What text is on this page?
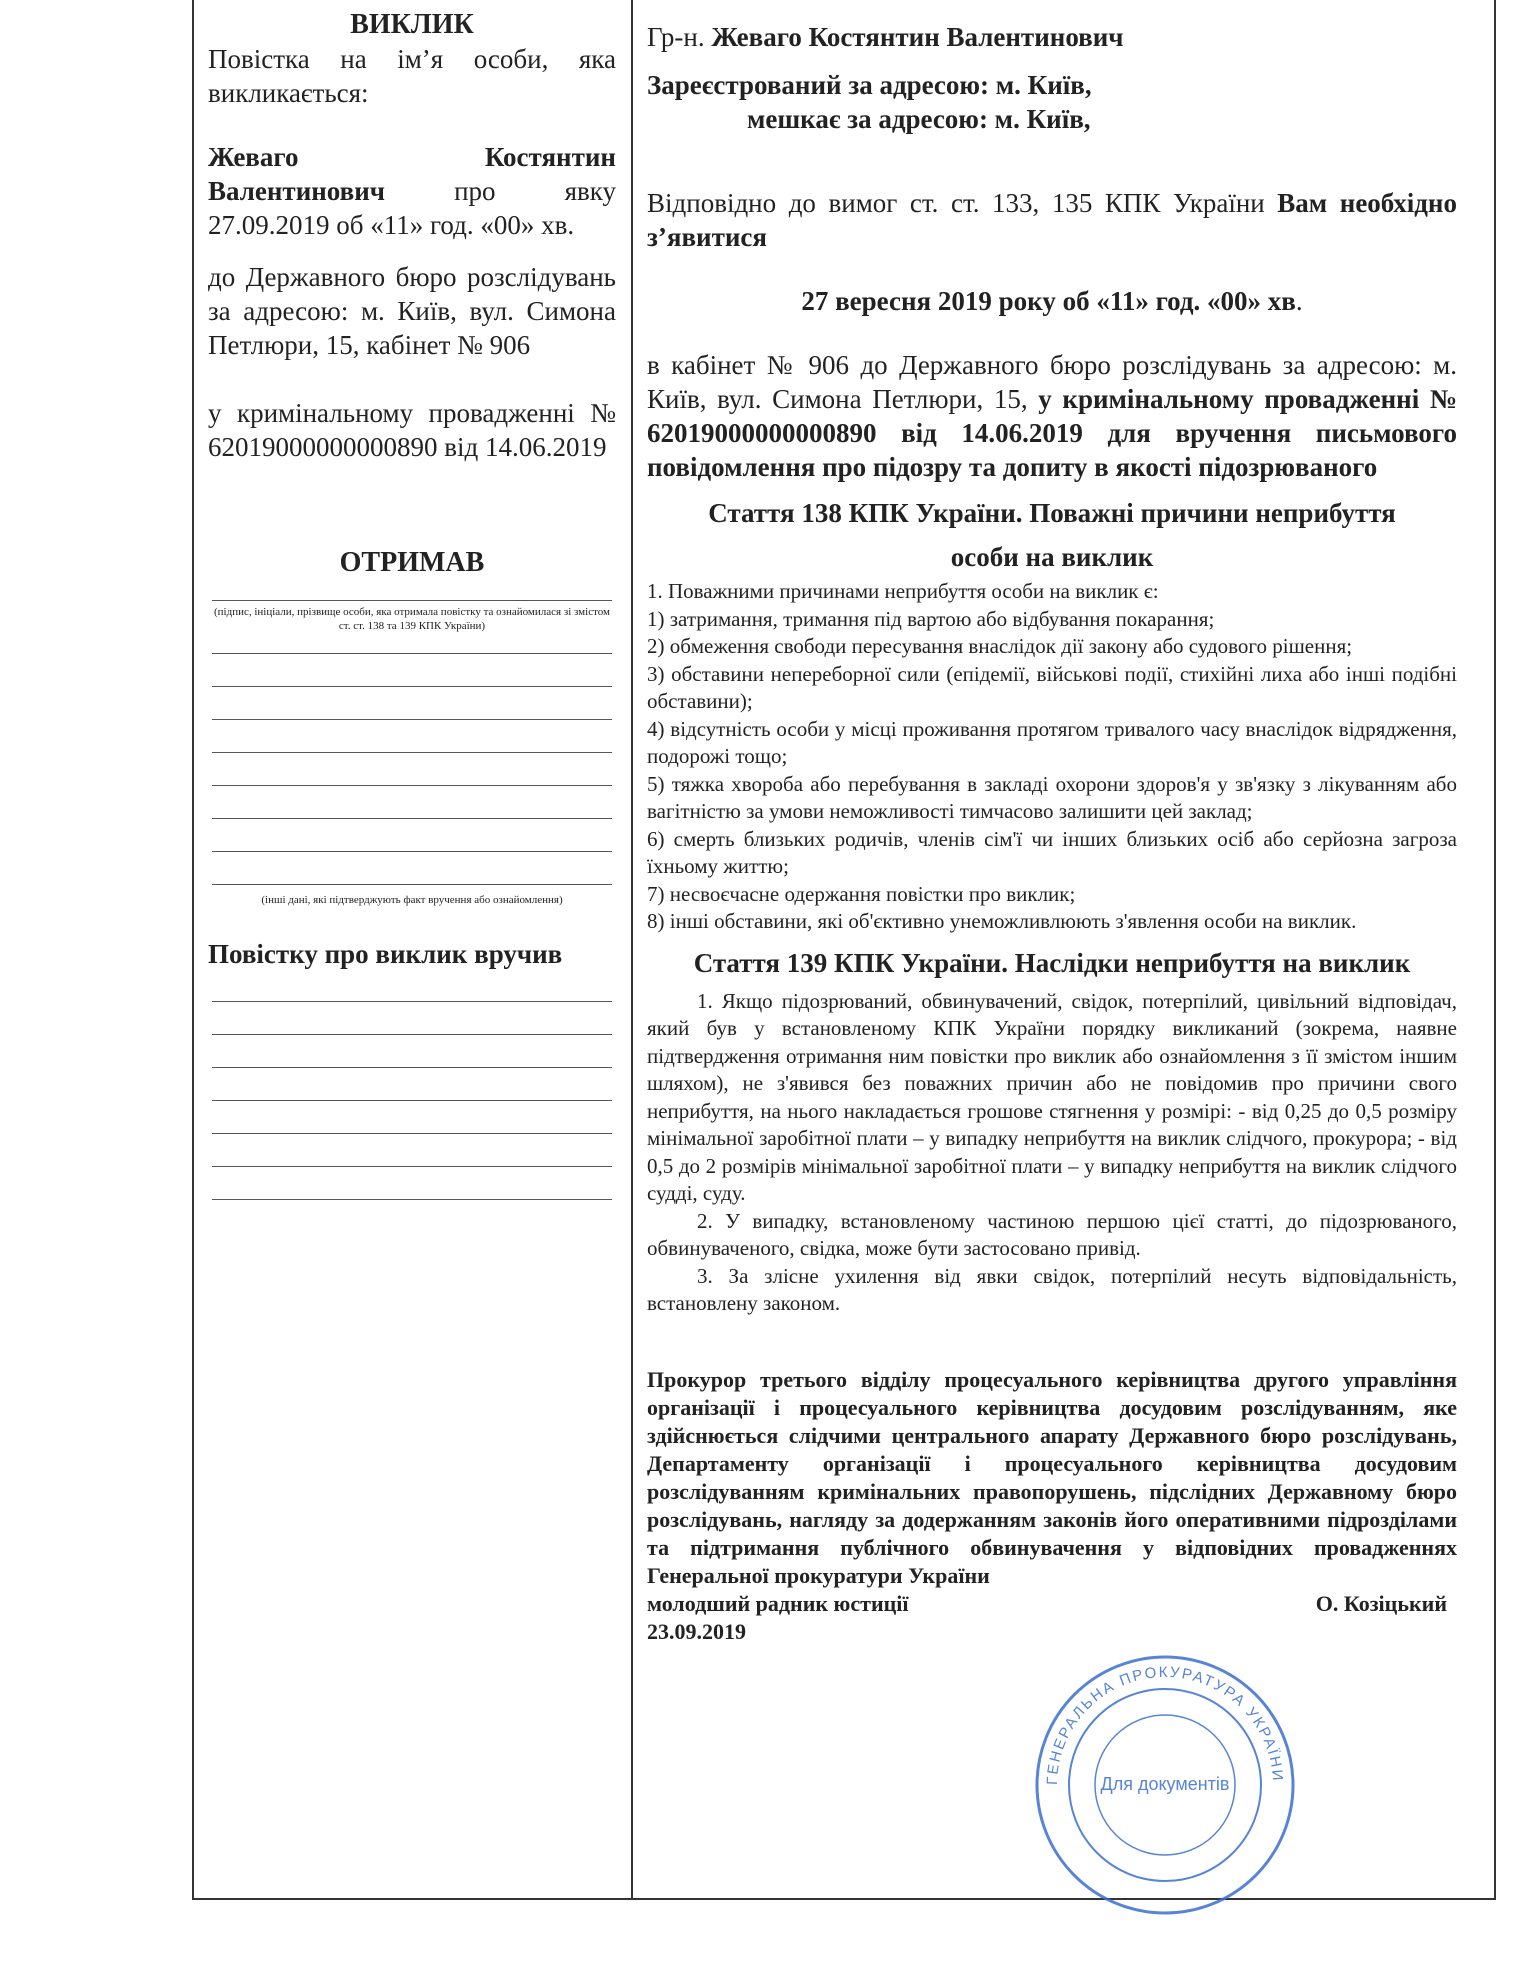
ВИКЛИК

Повістка на ім’я особи, яка викликається:

Жеваго Костянтин

Валентинович про явку 27.09.2019 об «11» год. «00» хв.

до Державного бюро розслідувань за адресою: м. Київ, вул. Симона Петлюри, 15, кабінет № 906

у кримінальному провадженні № 62019000000000890 від 14.06.2019

ОТРИМАВ

(підпис, ініціали, прізвище особи, яка отримала повістку та ознайомилася зі змістом ст. ст. 138 та 139 КПК України)

(інші дані, які підтверджують факт вручення або ознайомлення)

Повістку про виклик вручив

Гр-н. Жеваго Костянтин Валентинович

Зареєстрований за адресою: м. Київ,

мешкає за адресою: м. Київ,

Відповідно до вимог ст. ст. 133, 135 КПК України Вам необхідно з’явитися

27 вересня 2019 року об «11» год. «00» хв.

в кабінет № 906 до Державного бюро розслідувань за адресою: м. Київ, вул. Симона Петлюри, 15, у кримінальному провадженні № 62019000000000890 від 14.06.2019 для вручення письмового повідомлення про підозру та допиту в якості підозрюваного

Стаття 138 КПК України. Поважні причини неприбуття

особи на виклик

1. Поважними причинами неприбуття особи на виклик є:

1) затримання, тримання під вартою або відбування покарання;

2) обмеження свободи пересування внаслідок дії закону або судового рішення;

3) обставини непереборної сили (епідемії, військові події, стихійні лиха або інші подібні обставини);

4) відсутність особи у місці проживання протягом тривалого часу внаслідок відрядження, подорожі тощо;

5) тяжка хвороба або перебування в закладі охорони здоров'я у зв'язку з лікуванням або вагітністю за умови неможливості тимчасово залишити цей заклад;

6) смерть близьких родичів, членів сім'ї чи інших близьких осіб або серйозна загроза їхньому життю;

7) несвоєчасне одержання повістки про виклик;

8) інші обставини, які об'єктивно унеможливлюють з'явлення особи на виклик.

Стаття 139 КПК України. Наслідки неприбуття на виклик

1. Якщо підозрюваний, обвинувачений, свідок, потерпілий, цивільний відповідач, який був у встановленому КПК України порядку викликаний (зокрема, наявне підтвердження отримання ним повістки про виклик або ознайомлення з її змістом іншим шляхом), не з'явився без поважних причин або не повідомив про причини свого неприбуття, на нього накладається грошове стягнення у розмірі: - від 0,25 до 0,5 розміру мінімальної заробітної плати – у випадку неприбуття на виклик слідчого, прокурора; - від 0,5 до 2 розмірів мінімальної заробітної плати – у випадку неприбуття на виклик слідчого судді, суду.

2. У випадку, встановленому частиною першою цієї статті, до підозрюваного, обвинуваченого, свідка, може бути застосовано привід.

3. За злісне ухилення від явки свідок, потерпілий несуть відповідальність, встановлену законом.

Прокурор третього відділу процесуального керівництва другого управління організації і процесуального керівництва досудовим розслідуванням, яке здійснюється слідчими центрального апарату Державного бюро розслідувань, Департаменту організації і процесуального керівництва досудовим розслідуванням кримінальних правопорушень, підслідних Державному бюро розслідувань, нагляду за додержанням законів його оперативними підрозділами та підтримання публічного обвинувачення у відповідних провадженнях Генеральної прокуратури України

молодший радник юстиції	О. Козіцький

23.09.2019

ГЕНЕРАЛЬНА ПРОКУРАТУРА УКРАЇНИ
Для документів
